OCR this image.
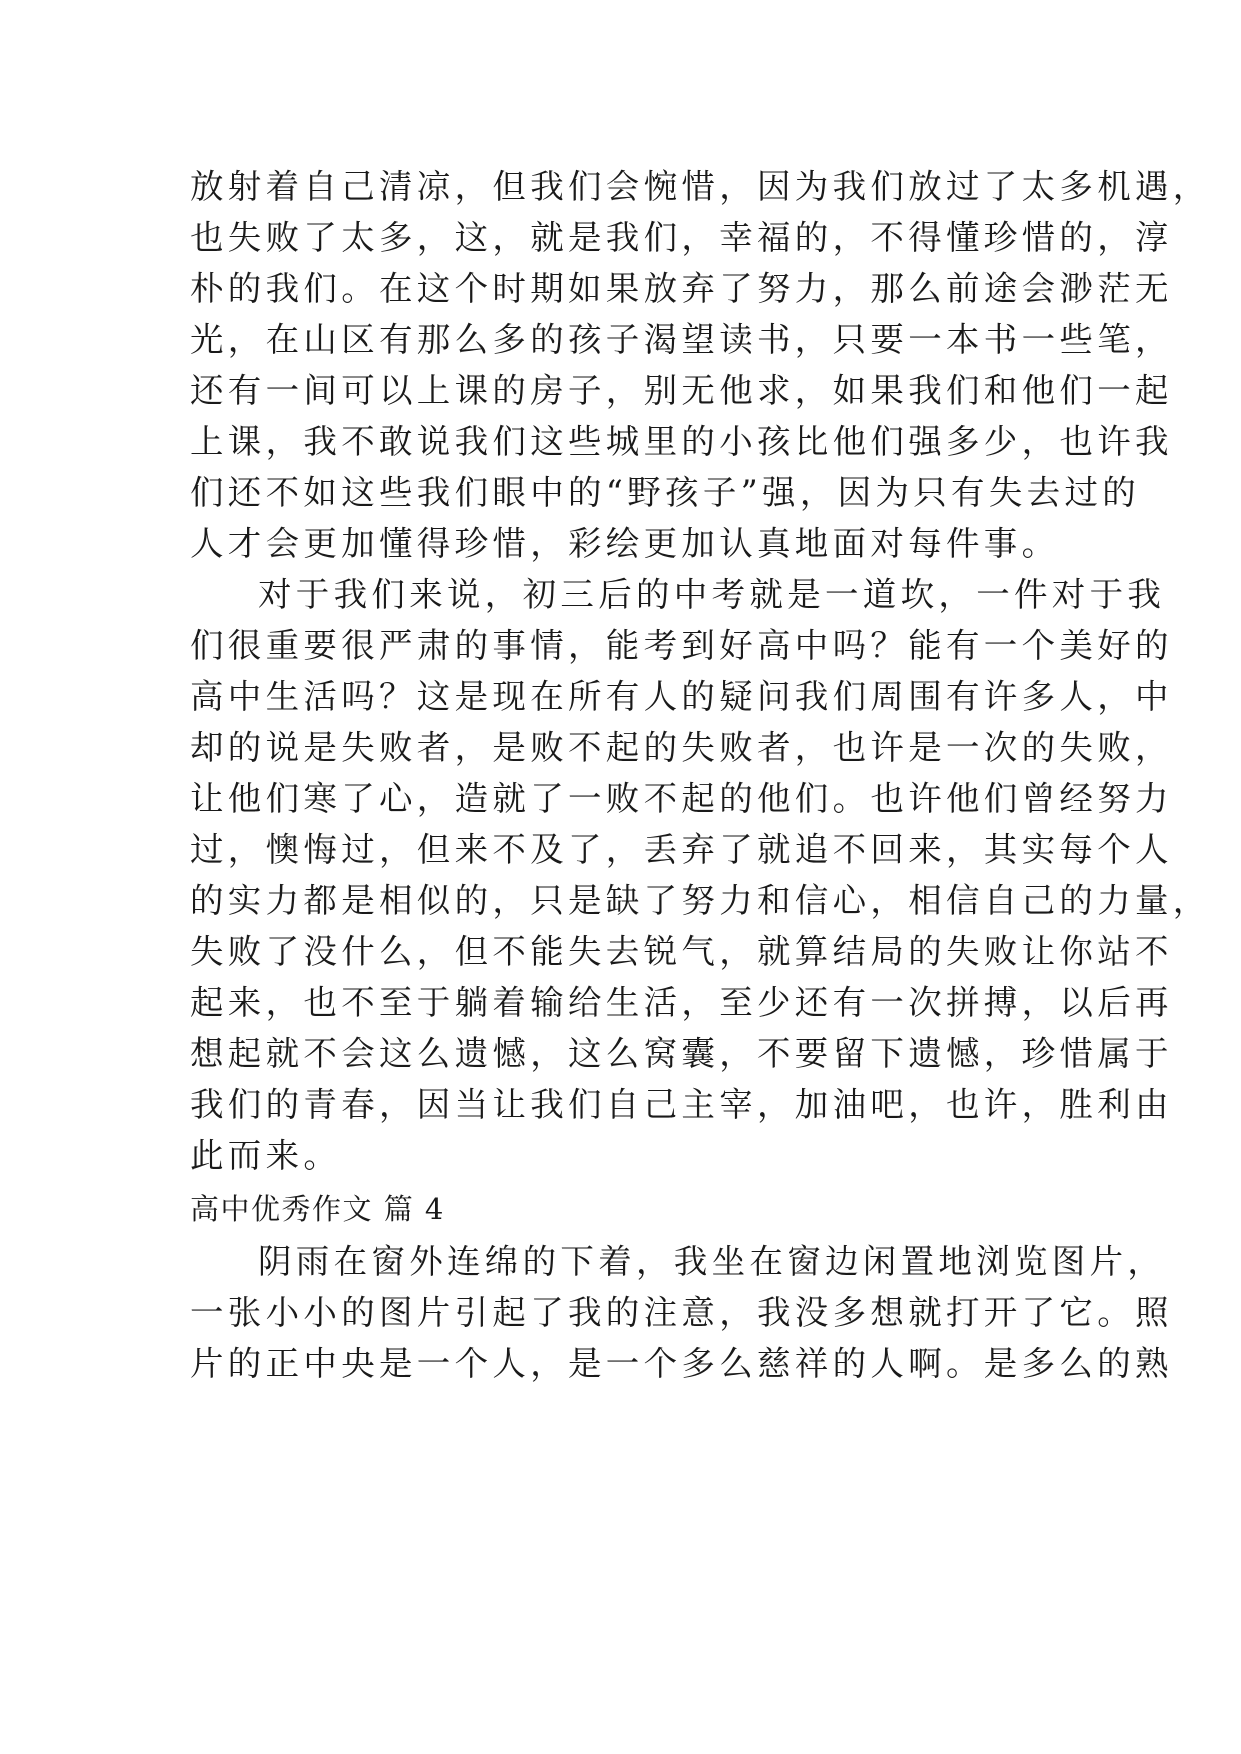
放射着自己清凉，但我们会惋惜，因为我们放过了太多机遇，
也失败了太多，这，就是我们，幸福的，不得懂珍惜的，淳
朴的我们。在这个时期如果放弃了努力，那么前途会渺茫无
光，在山区有那么多的孩子渴望读书，只要一本书一些笔，
还有一间可以上课的房子，别无他求，如果我们和他们一起
上课，我不敢说我们这些城里的小孩比他们强多少，也许我
们还不如这些我们眼中的“野孩子”强，因为只有失去过的
人才会更加懂得珍惜，彩绘更加认真地面对每件事。
对于我们来说，初三后的中考就是一道坎，一件对于我
们很重要很严肃的事情，能考到好高中吗？能有一个美好的
高中生活吗？这是现在所有人的疑问我们周围有许多人，中
却的说是失败者，是败不起的失败者，也许是一次的失败，
让他们寒了心，造就了一败不起的他们。也许他们曾经努力
过，懊悔过，但来不及了，丢弃了就追不回来，其实每个人
的实力都是相似的，只是缺了努力和信心，相信自己的力量，
失败了没什么，但不能失去锐气，就算结局的失败让你站不
起来，也不至于躺着输给生活，至少还有一次拼搏，以后再
想起就不会这么遗憾，这么窝囊，不要留下遗憾，珍惜属于
我们的青春，因当让我们自己主宰，加油吧，也许，胜利由
此而来。
高中优秀作文 篇 4
阴雨在窗外连绵的下着，我坐在窗边闲置地浏览图片，
一张小小的图片引起了我的注意，我没多想就打开了它。照
片的正中央是一个人，是一个多么慈祥的人啊。是多么的熟
